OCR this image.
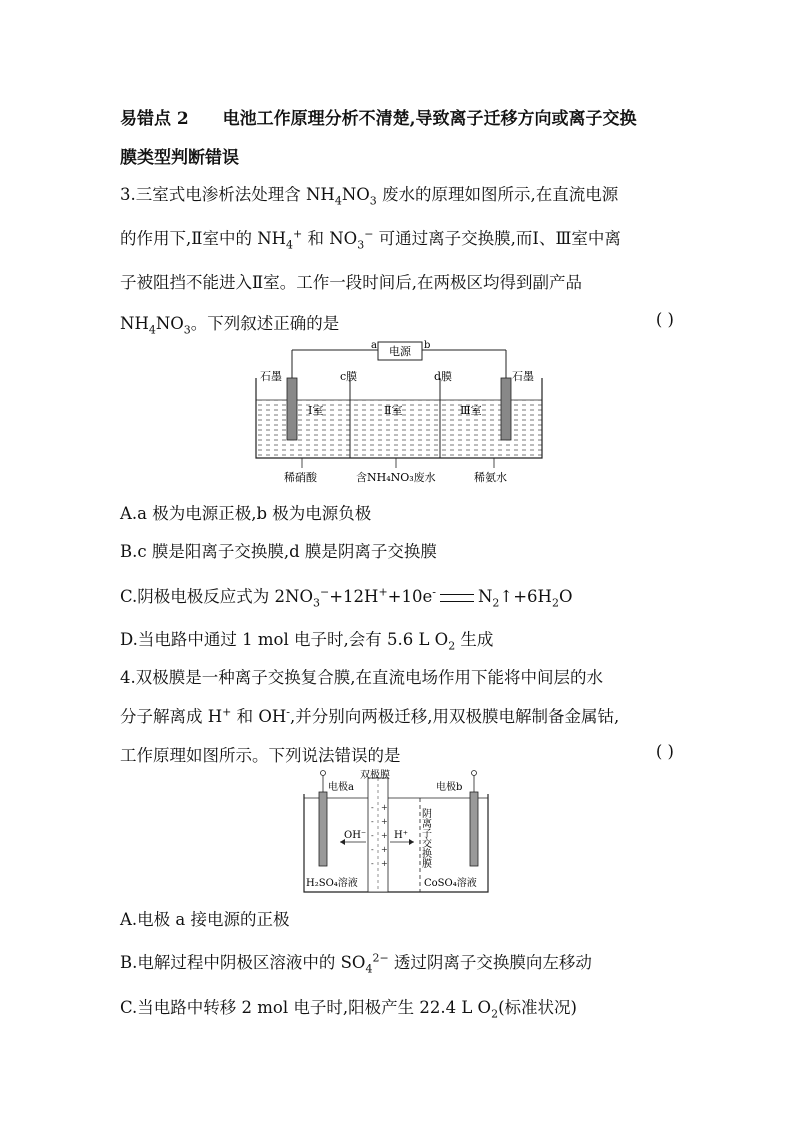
易错点 2 电池工作原理分析不清楚,导致离子迁移方向或离子交换
膜类型判断错误
3.三室式电渗析法处理含 $NH_4NO_3$ 废水的原理如图所示,在直流电源
的作用下,Ⅱ室中的 $NH_4^+$ 和 $NO_3^-$ 可通过离子交换膜,而Ⅰ、Ⅲ室中离
子被阻挡不能进入Ⅱ室。工作一段时间后,在两极区均得到副产品
$NH_4NO_3$。下列叙述正确的是	( )
电源
a	b
石墨	石墨
c膜	d膜
Ⅰ室	Ⅱ室	Ⅲ室
稀硝酸	含NH₄NO₃废水	稀氨水
A.a 极为电源正极,b 极为电源负极
B.c 膜是阳离子交换膜,d 膜是阴离子交换膜
C.阴极电极反应式为 $2NO_3^-+12H^++10e^-$	$N_2↑+6H_2O$
D.当电路中通过 1 mol 电子时,会有 5.6 L $O_2$ 生成
4.双极膜是一种离子交换复合膜,在直流电场作用下能将中间层的水
分子解离成 H+ 和 OH-,并分别向两极迁移,用双极膜电解制备金属钴,
工作原理如图所示。下列说法错误的是	( )
电极a	电极b
双极膜
- +
- +
- +
- +
- +
OH⁻	H⁺ 阴离子交换膜
H₂SO₄溶液	CoSO₄溶液
A.电极 a 接电源的正极
B.电解过程中阴极区溶液中的 $SO_4^{2-}$ 透过阴离子交换膜向左移动
C.当电路中转移 2 mol 电子时,阳极产生 22.4 L $O_2$(标准状况)
